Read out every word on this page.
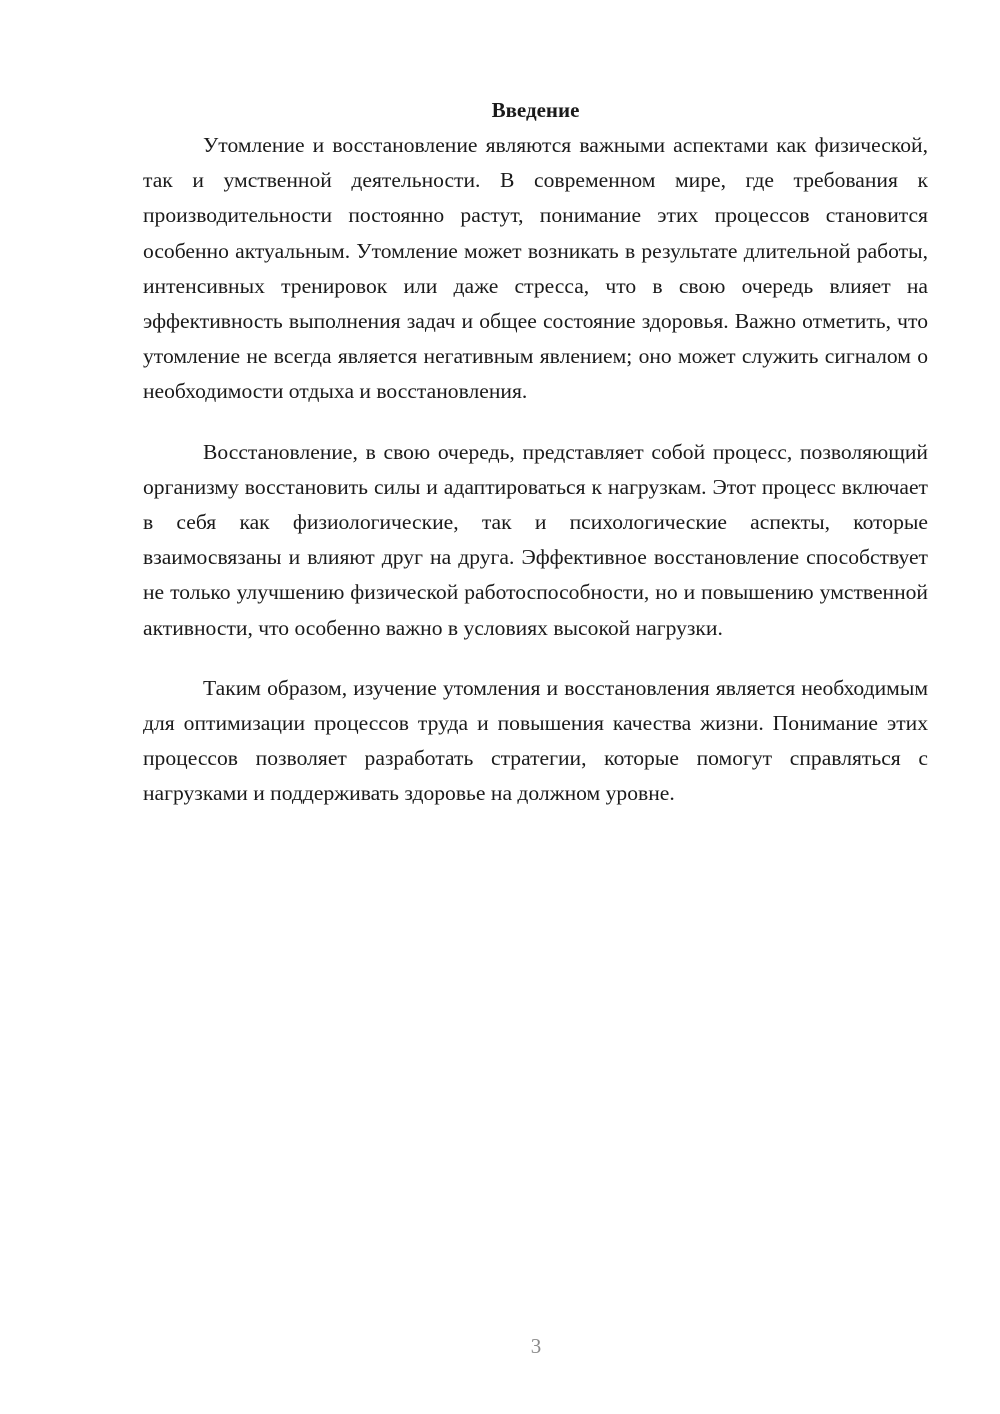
Введение

Утомление и восстановление являются важными аспектами как физической, так и умственной деятельности. В современном мире, где требования к производительности постоянно растут, понимание этих процессов становится особенно актуальным. Утомление может возникать в результате длительной работы, интенсивных тренировок или даже стресса, что в свою очередь влияет на эффективность выполнения задач и общее состояние здоровья. Важно отметить, что утомление не всегда является негативным явлением; оно может служить сигналом о необходимости отдыха и восстановления.

Восстановление, в свою очередь, представляет собой процесс, позволяющий организму восстановить силы и адаптироваться к нагрузкам. Этот процесс включает в себя как физиологические, так и психологические аспекты, которые взаимосвязаны и влияют друг на друга. Эффективное восстановление способствует не только улучшению физической работоспособности, но и повышению умственной активности, что особенно важно в условиях высокой нагрузки.

Таким образом, изучение утомления и восстановления является необходимым для оптимизации процессов труда и повышения качества жизни. Понимание этих процессов позволяет разработать стратегии, которые помогут справляться с нагрузками и поддерживать здоровье на должном уровне.

3
